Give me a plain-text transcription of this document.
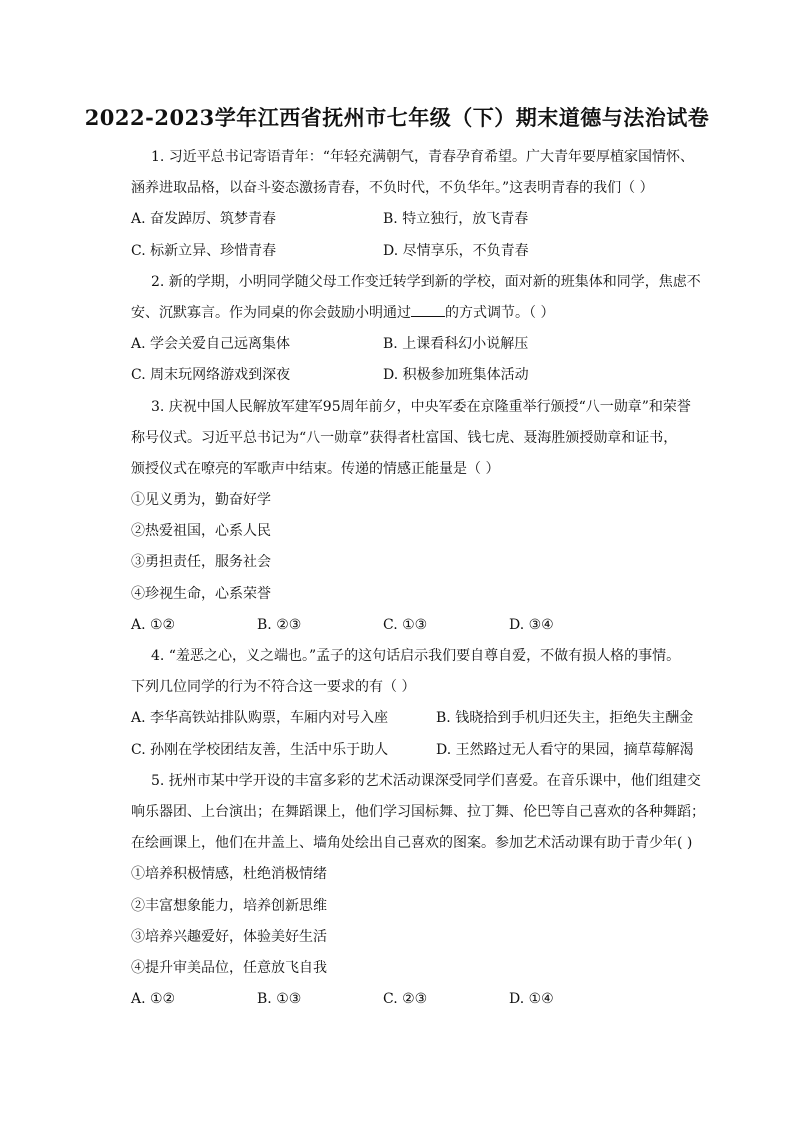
2022-2023学年江西省抚州市七年级（下）期末道德与法治试卷
1. 习近平总书记寄语青年：“年轻充满朝气，青春孕育希望。广大青年要厚植家国情怀、
涵养进取品格，以奋斗姿态激扬青春，不负时代，不负华年。”这表明青春的我们（ ）
A. 奋发踔厉、筑梦青春	B. 特立独行，放飞青春
C. 标新立异、珍惜青春	D. 尽情享乐，不负青春
2. 新的学期，小明同学随父母工作变迁转学到新的学校，面对新的班集体和同学，焦虑不
安、沉默寡言。作为同桌的你会鼓励小明通过 的方式调节。（ ）
A. 学会关爱自己远离集体	B. 上课看科幻小说解压
C. 周末玩网络游戏到深夜	D. 积极参加班集体活动
3. 庆祝中国人民解放军建军95周年前夕，中央军委在京隆重举行颁授“八一勋章”和荣誉
称号仪式。习近平总书记为“八一勋章”获得者杜富国、钱七虎、聂海胜颁授勋章和证书，
颁授仪式在嘹亮的军歌声中结束。传递的情感正能量是（ ）
①见义勇为，勤奋好学
②热爱祖国，心系人民
③勇担责任，服务社会
④珍视生命，心系荣誉
A. ①②	B. ②③	C. ①③	D. ③④
4. “羞恶之心，义之端也。”孟子的这句话启示我们要自尊自爱，不做有损人格的事情。
下列几位同学的行为不符合这一要求的有（ ）
A. 李华高铁站排队购票，车厢内对号入座	B. 钱晓拾到手机归还失主，拒绝失主酬金
C. 孙刚在学校团结友善，生活中乐于助人	D. 王然路过无人看守的果园，摘草莓解渴
5. 抚州市某中学开设的丰富多彩的艺术活动课深受同学们喜爱。在音乐课中，他们组建交
响乐器团、上台演出；在舞蹈课上，他们学习国标舞、拉丁舞、伦巴等自己喜欢的各种舞蹈；
在绘画课上，他们在井盖上、墙角处绘出自己喜欢的图案。参加艺术活动课有助于青少年( )
①培养积极情感，杜绝消极情绪
②丰富想象能力，培养创新思维
③培养兴趣爱好，体验美好生活
④提升审美品位，任意放飞自我
A. ①②	B. ①③	C. ②③	D. ①④
